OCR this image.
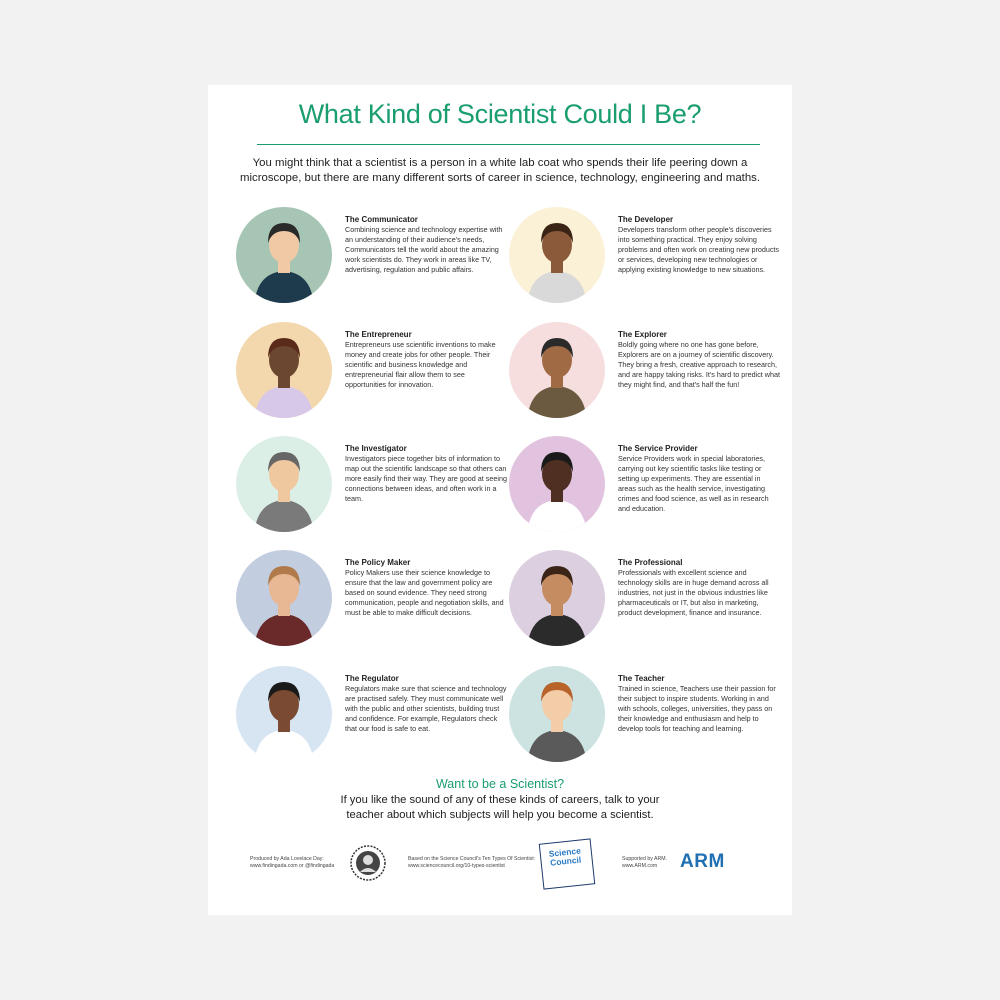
What Kind of Scientist Could I Be?
You might think that a scientist is a person in a white lab coat who spends their life peering down a microscope, but there are many different sorts of career in science, technology, engineering and maths.
The Communicator
Combining science and technology expertise with an understanding of their audience's needs, Communicators tell the world about the amazing work scientists do. They work in areas like TV, advertising, regulation and public affairs.
The Developer
Developers transform other people's discoveries into something practical. They enjoy solving problems and often work on creating new products or services, developing new technologies or applying existing knowledge to new situations.
The Entrepreneur
Entrepreneurs use scientific inventions to make money and create jobs for other people. Their scientific and business knowledge and entrepreneurial flair allow them to see opportunities for innovation.
The Explorer
Boldly going where no one has gone before, Explorers are on a journey of scientific discovery. They bring a fresh, creative approach to research, and are happy taking risks. It's hard to predict what they might find, and that's half the fun!
The Investigator
Investigators piece together bits of information to map out the scientific landscape so that others can more easily find their way. They are good at seeing connections between ideas, and often work in a team.
The Service Provider
Service Providers work in special laboratories, carrying out key scientific tasks like testing or setting up experiments. They are essential in areas such as the health service, investigating crimes and food science, as well as in research and education.
The Policy Maker
Policy Makers use their science knowledge to ensure that the law and government policy are based on sound evidence. They need strong communication, people and negotiation skills, and must be able to make difficult decisions.
The Professional
Professionals with excellent science and technology skills are in huge demand across all industries, not just in the obvious industries like pharmaceuticals or IT, but also in marketing, product development, finance and insurance.
The Regulator
Regulators make sure that science and technology are practised safely. They must communicate well with the public and other scientists, building trust and confidence. For example, Regulators check that our food is safe to eat.
The Teacher
Trained in science, Teachers use their passion for their subject to inspire students. Working in and with schools, colleges, universities, they pass on their knowledge and enthusiasm and help to develop tools for teaching and learning.
Want to be a Scientist?
If you like the sound of any of these kinds of careers, talk to your teacher about which subjects will help you become a scientist.
Produced by Ada Lovelace Day:
www.findingada.com or @findingada
Based on the Science Council's Ten Types Of Scientist:
www.sciencecouncil.org/10-types-scientist
Science Council	Supported by ARM.
www.ARM.com	ARM
